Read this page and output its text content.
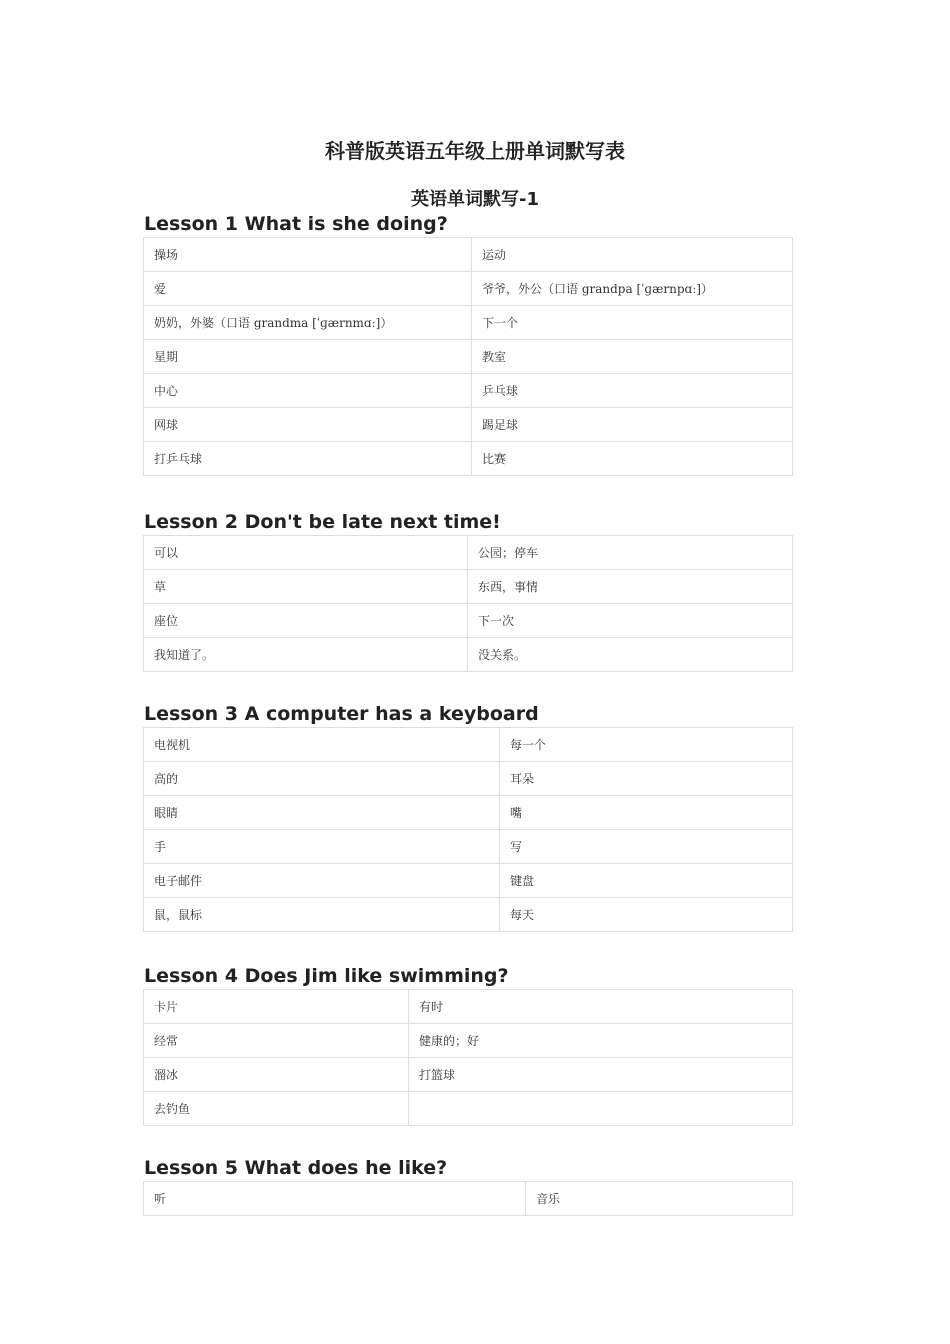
科普版英语五年级上册单词默写表
英语单词默写-1
Lesson 1 What is she doing?
操场	运动
爱	爷爷，外公（口语 grandpa [ˈɡærnpɑː]）
奶奶，外婆（口语 grandma [ˈɡærnmɑː]）	下一个
星期	教室
中心	乒乓球
网球	踢足球
打乒乓球	比赛
Lesson 2 Don't be late next time!
可以	公园；停车
草	东西，事情
座位	下一次
我知道了。	没关系。
Lesson 3 A computer has a keyboard
电视机	每一个
高的	耳朵
眼睛	嘴
手	写
电子邮件	键盘
鼠，鼠标	每天
Lesson 4 Does Jim like swimming?
卡片	有时
经常	健康的；好
溜冰	打篮球
去钓鱼	
Lesson 5 What does he like?
听	音乐
